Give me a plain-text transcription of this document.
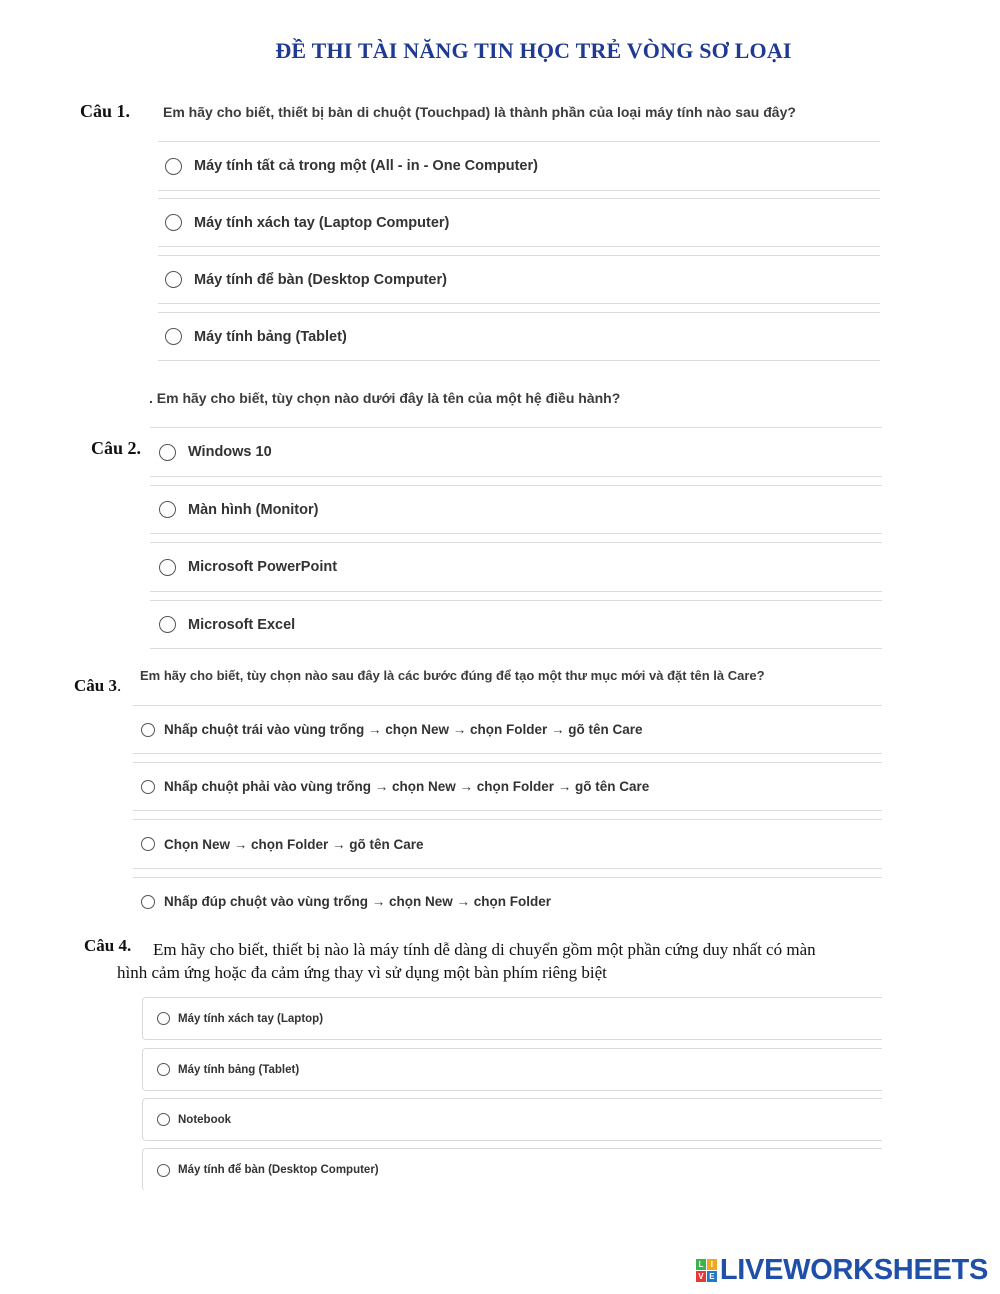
ĐỀ THI TÀI NĂNG TIN HỌC TRẺ VÒNG SƠ LOẠI
Câu 1. Em hãy cho biết, thiết bị bàn di chuột (Touchpad) là thành phần của loại máy tính nào sau đây?
Máy tính tất cả trong một (All - in - One Computer)
Máy tính xách tay (Laptop Computer)
Máy tính để bàn (Desktop Computer)
Máy tính bảng (Tablet)
. Em hãy cho biết, tùy chọn nào dưới đây là tên của một hệ điều hành?
Câu 2.	Windows 10
Màn hình (Monitor)
Microsoft PowerPoint
Microsoft Excel
Câu 3.
Em hãy cho biết, tùy chọn nào sau đây là các bước đúng để tạo một thư mục mới và đặt tên là Care?
Nhấp chuột trái vào vùng trống → chọn New → chọn Folder → gõ tên Care
Nhấp chuột phải vào vùng trống → chọn New → chọn Folder → gõ tên Care
Chọn New → chọn Folder → gõ tên Care
Nhấp đúp chuột vào vùng trống → chọn New → chọn Folder
Câu 4. Em hãy cho biết, thiết bị nào là máy tính dễ dàng di chuyển gồm một phần cứng duy nhất có màn
hình cảm ứng hoặc đa cảm ứng thay vì sử dụng một bàn phím riêng biệt
Máy tính xách tay (Laptop)
Máy tính bảng (Tablet)
Notebook
Máy tính để bàn (Desktop Computer)
L I
V E LIVEWORKSHEETS
